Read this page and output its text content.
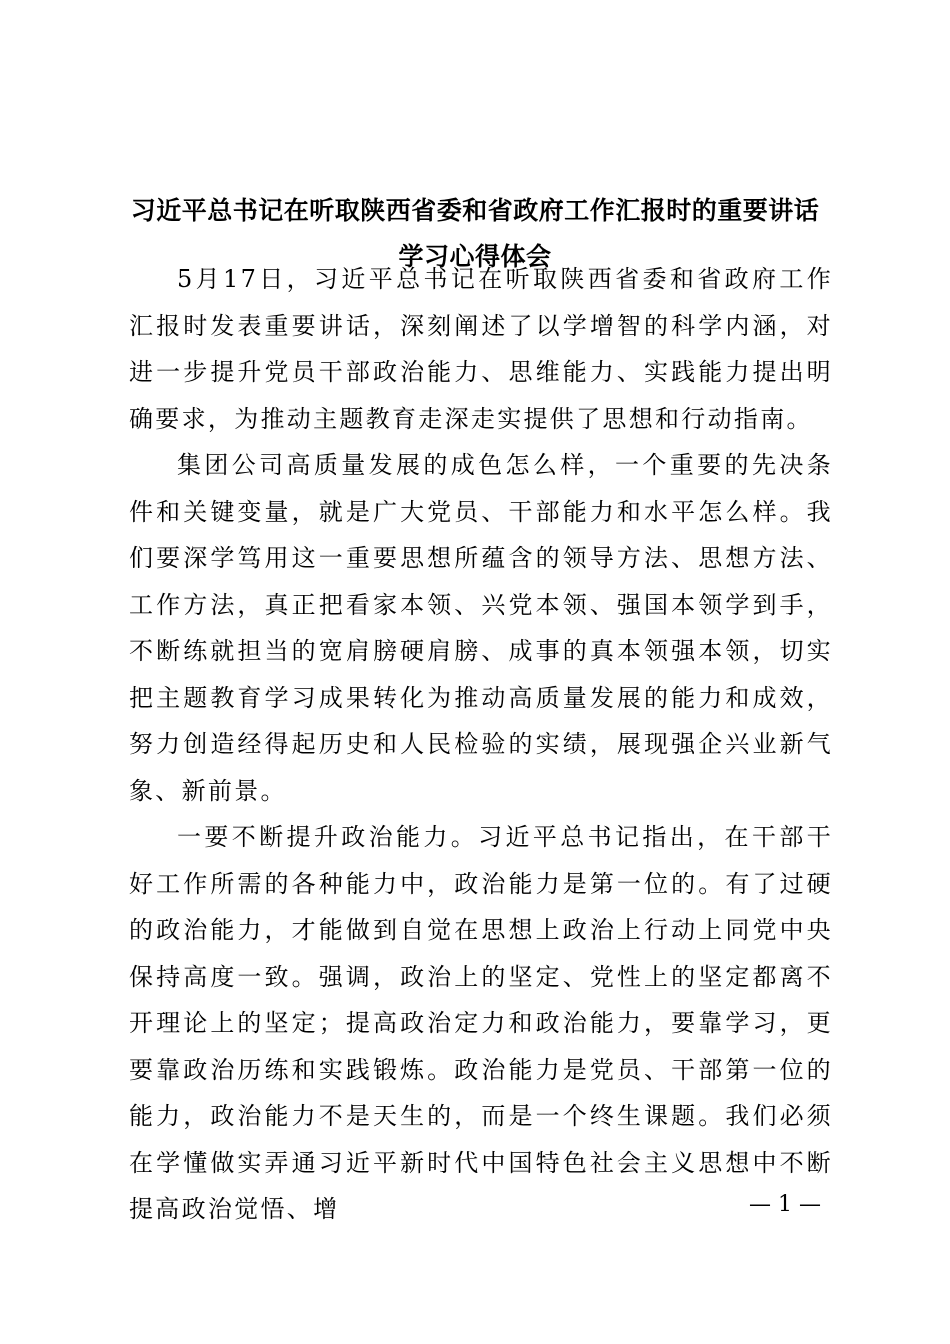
习近平总书记在听取陕西省委和省政府工作汇报时的重要讲话学习心得体会

5月17日，习近平总书记在听取陕西省委和省政府工作汇报时发表重要讲话，深刻阐述了以学增智的科学内涵，对进一步提升党员干部政治能力、思维能力、实践能力提出明确要求，为推动主题教育走深走实提供了思想和行动指南。

集团公司高质量发展的成色怎么样，一个重要的先决条件和关键变量，就是广大党员、干部能力和水平怎么样。我们要深学笃用这一重要思想所蕴含的领导方法、思想方法、工作方法，真正把看家本领、兴党本领、强国本领学到手，不断练就担当的宽肩膀硬肩膀、成事的真本领强本领，切实把主题教育学习成果转化为推动高质量发展的能力和成效，努力创造经得起历史和人民检验的实绩，展现强企兴业新气象、新前景。

一要不断提升政治能力。习近平总书记指出，在干部干好工作所需的各种能力中，政治能力是第一位的。有了过硬的政治能力，才能做到自觉在思想上政治上行动上同党中央保持高度一致。强调，政治上的坚定、党性上的坚定都离不开理论上的坚定；提高政治定力和政治能力，要靠学习，更要靠政治历练和实践锻炼。政治能力是党员、干部第一位的能力，政治能力不是天生的，而是一个终生课题。我们必须在学懂做实弄通习近平新时代中国特色社会主义思想中不断提高政治觉悟、增	— 1 —
